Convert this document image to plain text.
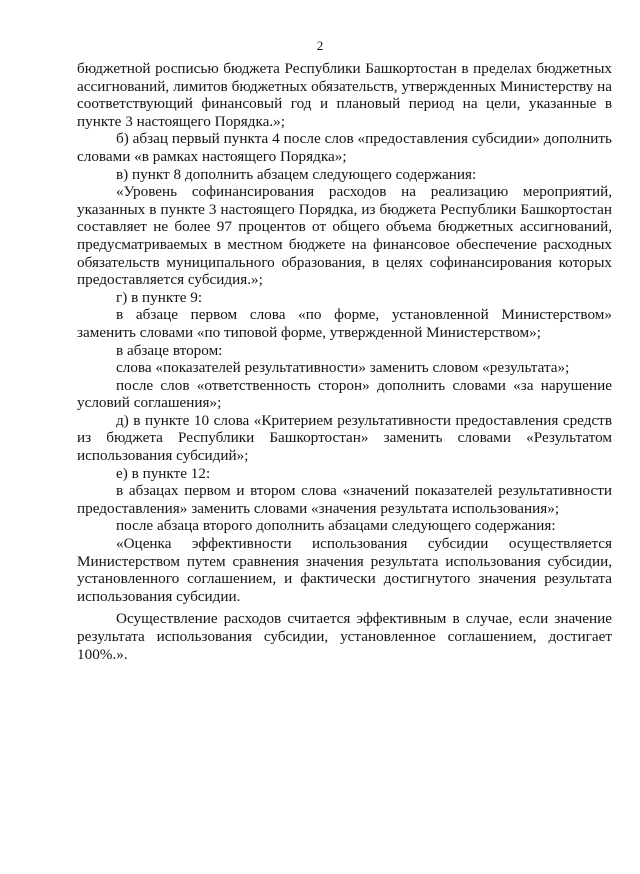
2

бюджетной росписью бюджета Республики Башкортостан в пределах бюджетных ассигнований, лимитов бюджетных обязательств, утвержденных Министерству на соответствующий финансовый год и плановый период на цели, указанные в пункте 3 настоящего Порядка.»;

б) абзац первый пункта 4 после слов «предоставления субсидии» дополнить словами «в рамках настоящего Порядка»;

в) пункт 8 дополнить абзацем следующего содержания:

«Уровень софинансирования расходов на реализацию мероприятий, указанных в пункте 3 настоящего Порядка, из бюджета Республики Башкортостан составляет не более 97 процентов от общего объема бюджетных ассигнований, предусматриваемых в местном бюджете на финансовое обеспечение расходных обязательств муниципального образования, в целях софинансирования которых предоставляется субсидия.»;

г) в пункте 9:

в абзаце первом слова «по форме, установленной Министерством» заменить словами «по типовой форме, утвержденной Министерством»;

в абзаце втором:

слова «показателей результативности» заменить словом «результата»;

после слов «ответственность сторон» дополнить словами «за нарушение условий соглашения»;

д) в пункте 10 слова «Критерием результативности предоставления средств из бюджета Республики Башкортостан» заменить словами «Результатом использования субсидий»;

е) в пункте 12:

в абзацах первом и втором слова «значений показателей результативности предоставления» заменить словами «значения результата использования»;

после абзаца второго дополнить абзацами следующего содержания:

«Оценка эффективности использования субсидии осуществляется Министерством путем сравнения значения результата использования субсидии, установленного соглашением, и фактически достигнутого значения результата использования субсидии.

Осуществление расходов считается эффективным в случае, если значение результата использования субсидии, установленное соглашением, достигает 100%.».
